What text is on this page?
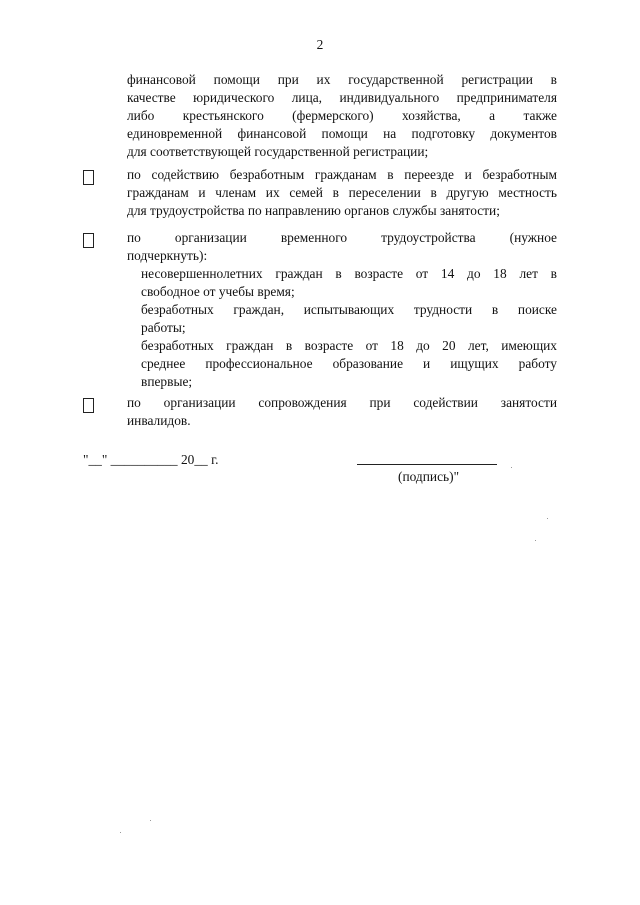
2
финансовой помощи при их государственной регистрации в
качестве юридического лица, индивидуального предпринимателя
либо крестьянского (фермерского) хозяйства, а также
единовременной финансовой помощи на подготовку документов
для соответствующей государственной регистрации;
по содействию безработным гражданам в переезде и безработным
гражданам и членам их семей в переселении в другую местность
для трудоустройства по направлению органов службы занятости;
по организации временного трудоустройства (нужное
подчеркнуть):
несовершеннолетних граждан в возрасте от 14 до 18 лет в
свободное от учебы время;
безработных граждан, испытывающих трудности в поиске
работы;
безработных граждан в возрасте от 18 до 20 лет, имеющих
среднее профессиональное образование и ищущих работу
впервые;
по организации сопровождения при содействии занятости
инвалидов.
"__" __________ 20__ г.
(подпись)"
